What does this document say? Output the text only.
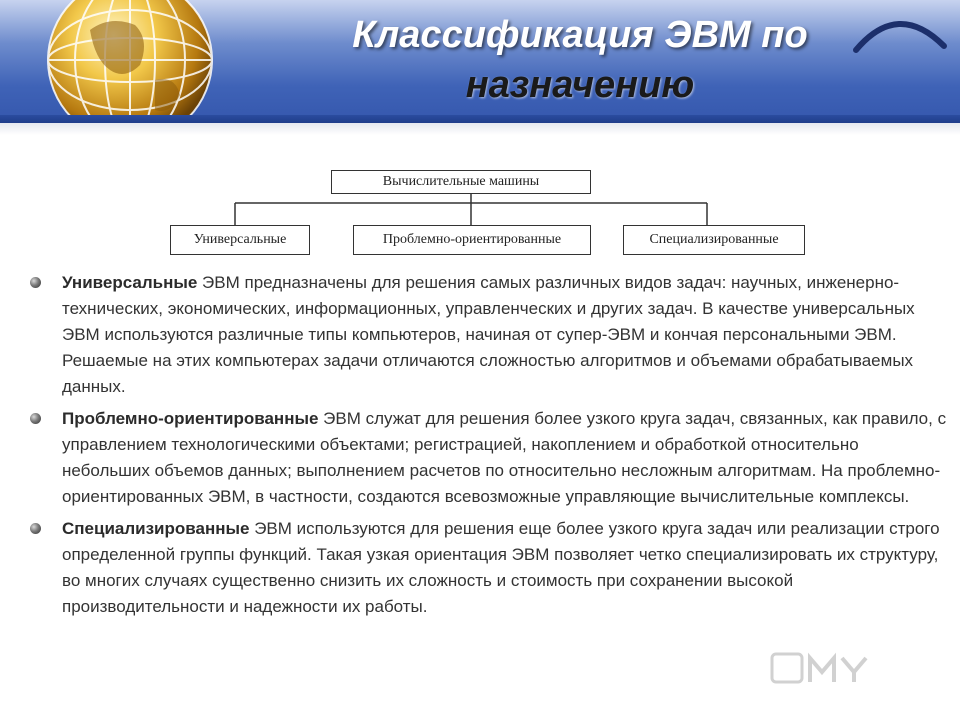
Классификация ЭВМ по
назначению
Вычислительные машины
Универсальные	Проблемно-ориентированные	Специализированные
Универсальные ЭВМ предназначены для решения самых различных видов задач: научных, инженерно-технических, экономических, информационных, управленческих и других задач. В качестве универсальных ЭВМ используются различные типы компьютеров, начиная от супер-ЭВМ и кончая персональными ЭВМ. Решаемые на этих компьютерах задачи отличаются сложностью алгоритмов и объемами обрабатываемых данных.
Проблемно-ориентированные ЭВМ служат для решения более узкого круга задач, связанных, как правило, с управлением технологическими объектами; регистрацией, накоплением и обработкой относительно небольших объемов данных; выполнением расчетов по относительно несложным алгоритмам. На проблемно-ориентированных ЭВМ, в частности, создаются всевозможные управляющие вычислительные комплексы.
Специализированные ЭВМ используются для решения еще более узкого круга задач или реализации строго определенной группы функций. Такая узкая ориентация ЭВМ позволяет четко специализировать их структуру, во многих случаях существенно снизить их сложность и стоимость при сохранении высокой производительности и надежности их работы.
